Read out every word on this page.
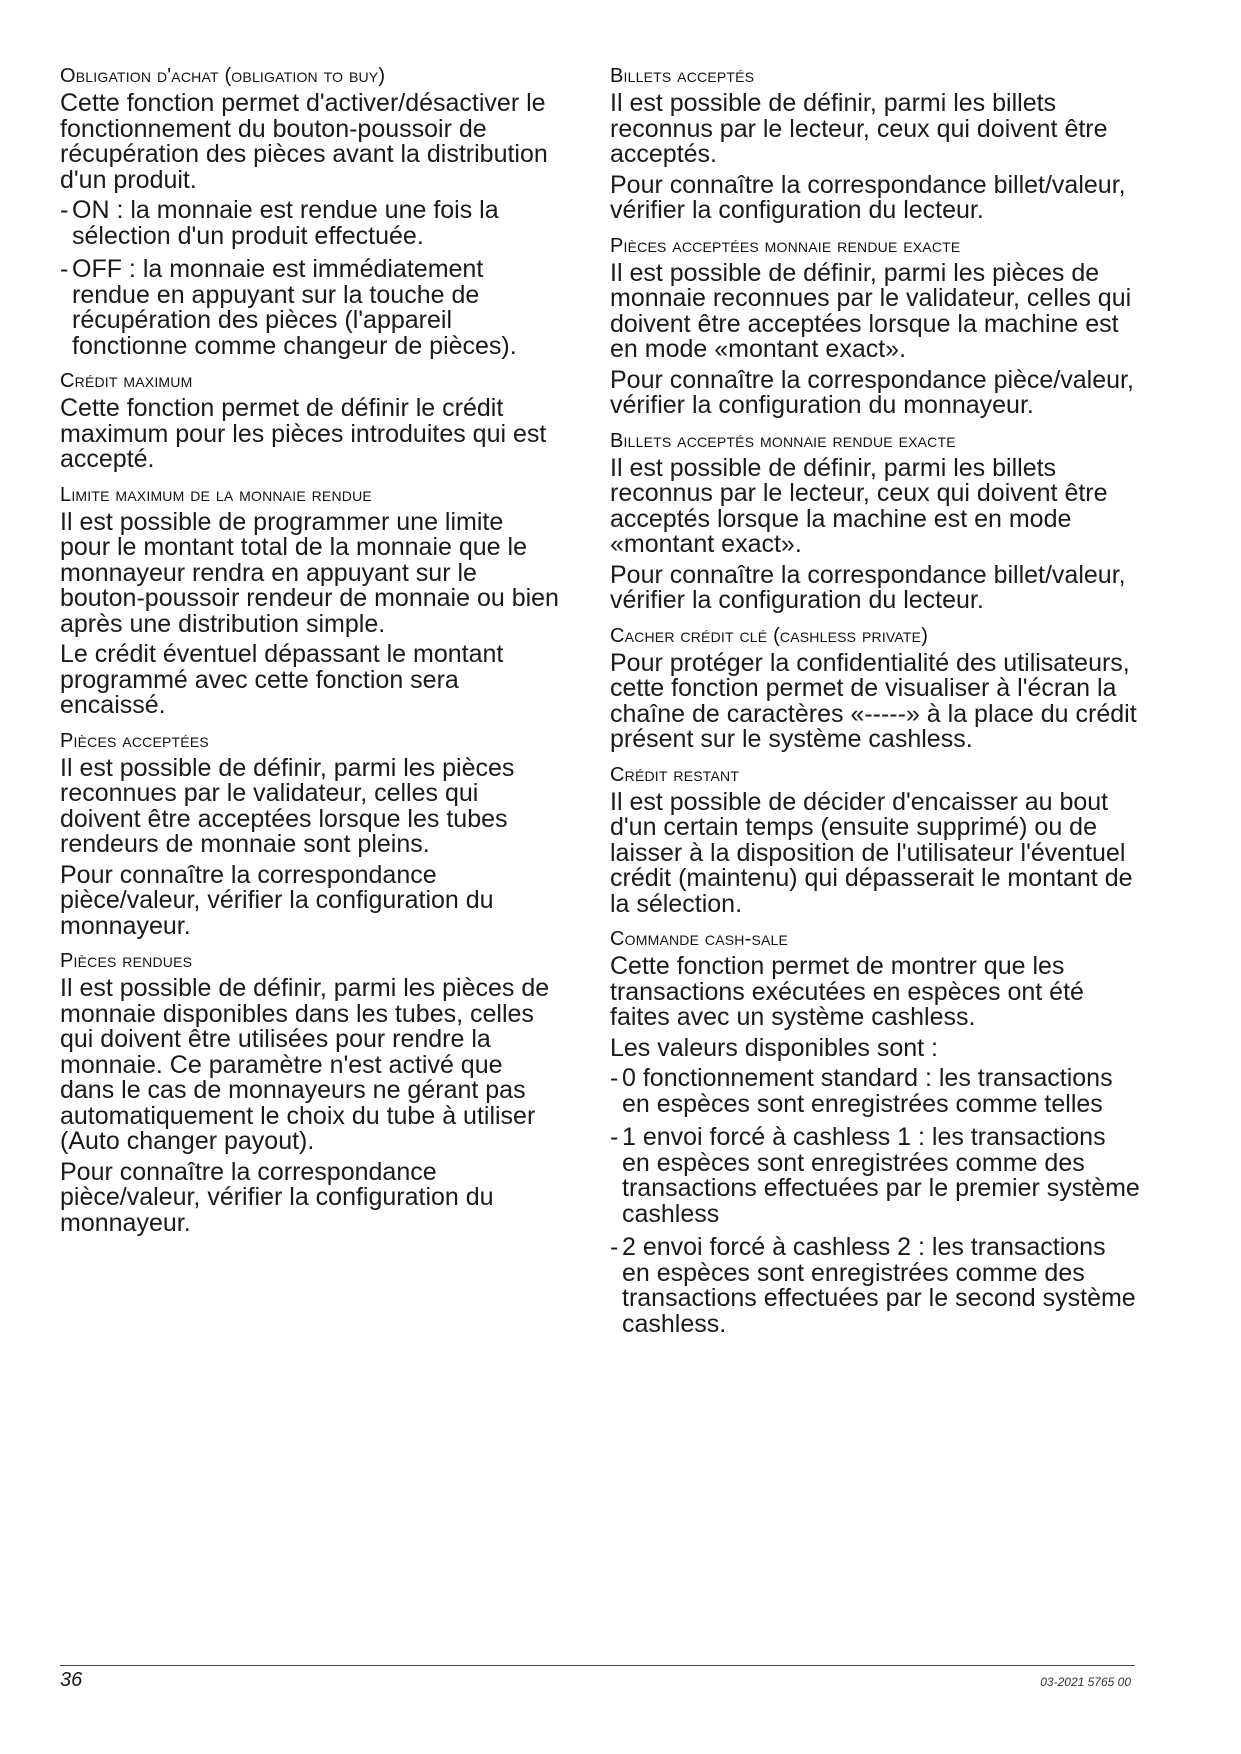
Obligation d'achat (obligation to buy)
Cette fonction permet d'activer/désactiver le fonctionnement du bouton-poussoir de récupération des pièces avant la distribution d'un produit.
- ON : la monnaie est rendue une fois la sélection d'un produit effectuée.
- OFF : la monnaie est immédiatement rendue en appuyant sur la touche de récupération des pièces (l'appareil fonctionne comme changeur de pièces).
Crédit maximum
Cette fonction permet de définir le crédit maximum pour les pièces introduites qui est accepté.
Limite maximum de la monnaie rendue
Il est possible de programmer une limite pour le montant total de la monnaie que le monnayeur rendra en appuyant sur le bouton-poussoir rendeur de monnaie ou bien après une distribution simple.
Le crédit éventuel dépassant le montant programmé avec cette fonction sera encaissé.
Pièces acceptées
Il est possible de définir, parmi les pièces reconnues par le validateur, celles qui doivent être acceptées lorsque les tubes rendeurs de monnaie sont pleins.
Pour connaître la correspondance pièce/valeur, vérifier la configuration du monnayeur.
Pièces rendues
Il est possible de définir, parmi les pièces de monnaie disponibles dans les tubes, celles qui doivent être utilisées pour rendre la monnaie. Ce paramètre n'est activé que dans le cas de monnayeurs ne gérant pas automatiquement le choix du tube à utiliser (Auto changer payout).
Pour connaître la correspondance pièce/valeur, vérifier la configuration du monnayeur.
Billets acceptés
Il est possible de définir, parmi les billets reconnus par le lecteur, ceux qui doivent être acceptés.
Pour connaître la correspondance billet/valeur, vérifier la configuration du lecteur.
Pièces acceptées monnaie rendue exacte
Il est possible de définir, parmi les pièces de monnaie reconnues par le validateur, celles qui doivent être acceptées lorsque la machine est en mode «montant exact».
Pour connaître la correspondance pièce/valeur, vérifier la configuration du monnayeur.
Billets acceptés monnaie rendue exacte
Il est possible de définir, parmi les billets reconnus par le lecteur, ceux qui doivent être acceptés lorsque la machine est en mode «montant exact».
Pour connaître la correspondance billet/valeur, vérifier la configuration du lecteur.
Cacher crédit clé (cashless private)
Pour protéger la confidentialité des utilisateurs, cette fonction permet de visualiser à l'écran la chaîne de caractères «-----» à la place du crédit présent sur le système cashless.
Crédit restant
Il est possible de décider d'encaisser au bout d'un certain temps (ensuite supprimé) ou de laisser à la disposition de l'utilisateur l'éventuel crédit (maintenu) qui dépasserait le montant de la sélection.
Commande cash-sale
Cette fonction permet de montrer que les transactions exécutées en espèces ont été faites avec un système cashless.
Les valeurs disponibles sont :
- 0 fonctionnement standard : les transactions en espèces sont enregistrées comme telles
- 1 envoi forcé à cashless 1 : les transactions en espèces sont enregistrées comme des transactions effectuées par le premier système cashless
- 2 envoi forcé à cashless 2 : les transactions en espèces sont enregistrées comme des transactions effectuées par le second système cashless.
36	03-2021 5765 00
